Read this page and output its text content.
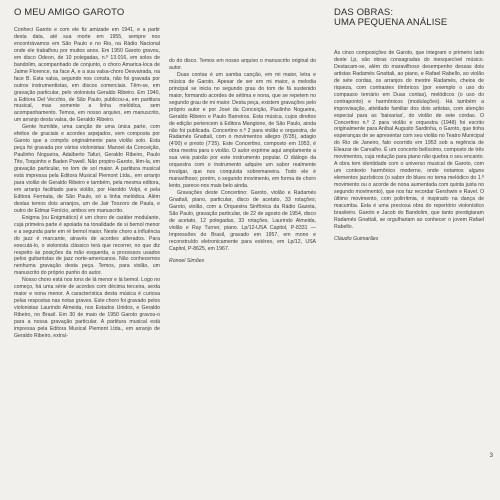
O MEU AMIGO GAROTO

Conheci Garoto e com ele fiz amizade em 1941, e a partir desta data, até sua morte em 1955, sempre nos encontrávamos em São Paulo e no Rio, na Rádio Nacional onde ele trabalhou por muitos anos. Em 1950 Garoto gravou, em disco Odeon, de 10 polegadas, n.º 13.016, em solos de bandolim, acompanhado de conjunto, o choro Amarica-loca de Jaime Florence, na face A, e a sua valsa-choro Desvairada, na face B. Esta valsa, segundo nos consta, não foi gravada por outros instrumentistas, em discos comerciais. Têm-se, em gravação particular, pelo violonista Geraldo Ribeiro. Em 1940, a Editora Del Vecchio, de São Paulo, publicou-a, em partitura musical, mas somente a linha melódica, sem acompanhamento. Temos, em nosso arquivo, em manuscrito, um arranjo desta valsa, de Geraldo Ribeiro.

Gente humilde, uma canção de uma única parte, com efeitos de graciais e acordes arpejados, vem composta por Garoto que a compôs originalmente para violão solo. Esta peça foi gravada por vários violonistas: Manoel da Conceição, Paulinho Nogueira, Adalberto Tafuri, Geraldo Ribeiro, Paulo Tito, Toquinho e Baden Powell. Não propiro-Garoto, lêm-la, em gravação particular, no tom de sol maior. A partitura musical está impressa pela Editora Musical Piemont Ltda., em arranjo para violão de Geraldo Ribeiro e também, pela mesma editora, em arranjo facilitado para violão, por Haroldo Volpi, e pela Editora Fermata, de São Paulo, só a linha melódica. Além destas temos dois arranjos, um de Jair Toozoro de Paula, e outro de Edmar Fenício, ambos em manuscrito.

Enigma (ou Enigmático) é um choro de caráter modulante, cuja primeira parte é apoiada na tonalidade de si bemol menor e a segunda parte em ré bemol maior. Neste choro a influência do jazz é marcante, através de acordes alterados. Para executá-lo, o violonista clássico terá que recorrer, no que diz respeito às posições da mão esquerda, a processos usados pelos guitarristas de jazz norte-americanos. Não conhecemos nenhuma gravação desta peça. Temos, para violão, um manuscrito do próprio punho do autor.

Nosso choro está nos tons de lá menor e lá bemol. Logo no começo, há uma série de acordes com décima terceira, sexta maior e nona menor. A característica desta música é curiosa pelas respostas nas notas graves. Este choro foi gravado pelos violonistas Laurindo Almeida, nos Estados Unidos, e Geraldo Ribeiro, no Brasil. Em 30 de maio de 1950 Garoto gravou-o para a nossa gravação particular. A partitura musical está impressa pela Editora Musical Piemont Ltda., em arranjo de Geraldo Ribeiro, extraí-

do do disco. Temos em nosso arquivo o manuscrito original do autor.

Duas contas é um samba canção, em mi maior, letra e música de Garoto. Apesar de ser em mi maior, a melodia principal se inicia no segundo grau do tom de fá sustenido maior, formando acordes de sétima e nona, que se repetem no segundo grau de mi maior. Desta peça, existem gravações pelo próprio autor e por José da Conceição, Paulinho Nogueira, Geraldo Ribeiro e Paulo Barreiros. Esta música, cujos direitos de edição pertencem à Editora Mangione, de São Paulo, ainda não foi publicada. Concertino n.º 2 para violão e orquestra, de Radamés Gnattali, com o movimentos allegro (6'35), adagio (4'00) e presto (7'25). Este Concertino, composto em 1953, é obra mestra para o violão. O autor exprime aqui amplamente a sua veia paixão por este instrumento popular. O diálogo da orquestra com o instrumento adquire um sabor realmente invulgar, que nos conquista sobremaneira. Todo ele é maravilhoso; porém, o segundo movimento, em forma de choro lento, parece-nos mais belo ainda.

Gravações deste Concertino: Garoto, violão e Radamés Gnattali, piano, particular, disco de acetato, 33 rotações; Garoto, violão, com a Orquestra Sinfônica da Rádio Gazeta, São Paulo, gravação particular, de 22 de agosto de 1954, disco de acetato, 12 polegadas, 33 rotações. Laurindo Almeida, violão e Ray Turner, piano. Lp/12-USA Capitol, P-8331 — Impressões do Brasil, gravado em 1957, em mono e reconstruído eletronicamente para estéreo, em Lp/12, USA Capitol, P-8625, em 1967.

Ronoel Simões

DAS OBRAS:
UMA PEQUENA ANÁLISE

As cinco composições de Garoto, que integram o primeiro lado deste Lp, são obras consagradas do inesquecível músico. Destacam-se, além do maravilhoso desempenho dessas dois artistas Radamés Gnattali, ao piano, e Rafael Rabello, ao violão de sete cordas, os arranjos do mestre Radamés, cheios de riqueza, com contrastes tímbricos (por exemplo o uso do compasso ternário em Duas contas), melódicos (o uso do contraponto) e harmônicos (modulações). Há também a improvisação, atividade familiar dos dois artistas, com atenção especial para as 'baixarias', do violão de sete cordas. O Concertino n.º 2 para violão e orquestra (1948) foi escrito originalmente para Aníbal Augusto Sardinha, o Garoto, que tinha esperanças de se apresentar com seu violão no Teatro Municipal do Rio de Janeiro, fato ocorrido em 1953 sob a regência de Eleazar de Carvalho. É um concerto belíssimo, composto de três movimentos, cuja redução para piano não quebra o seu encanto. A obra tem identidade com o universo musical de Garoto, com um contexto harmônico moderno, onde notamos alguns elementos jazzísticos (o sabor do blues no tema melódico do 1.º movimento ou o acorde de nona aumentada com quinta justa no segundo movimento), que nos faz recordar Gershwin e Ravel. O último movimento, com polirritmia, é inspirado na dança de macumba. Esta é uma preciosa obra do repertório violonístico brasileiro. Garoto e Jacob do Bandolim, que tanto prestigiaram Radamés Gnattali, se orgulhariam ao conhecer o jovem Rafael Rabello.

Cláudio Guimarães

3
